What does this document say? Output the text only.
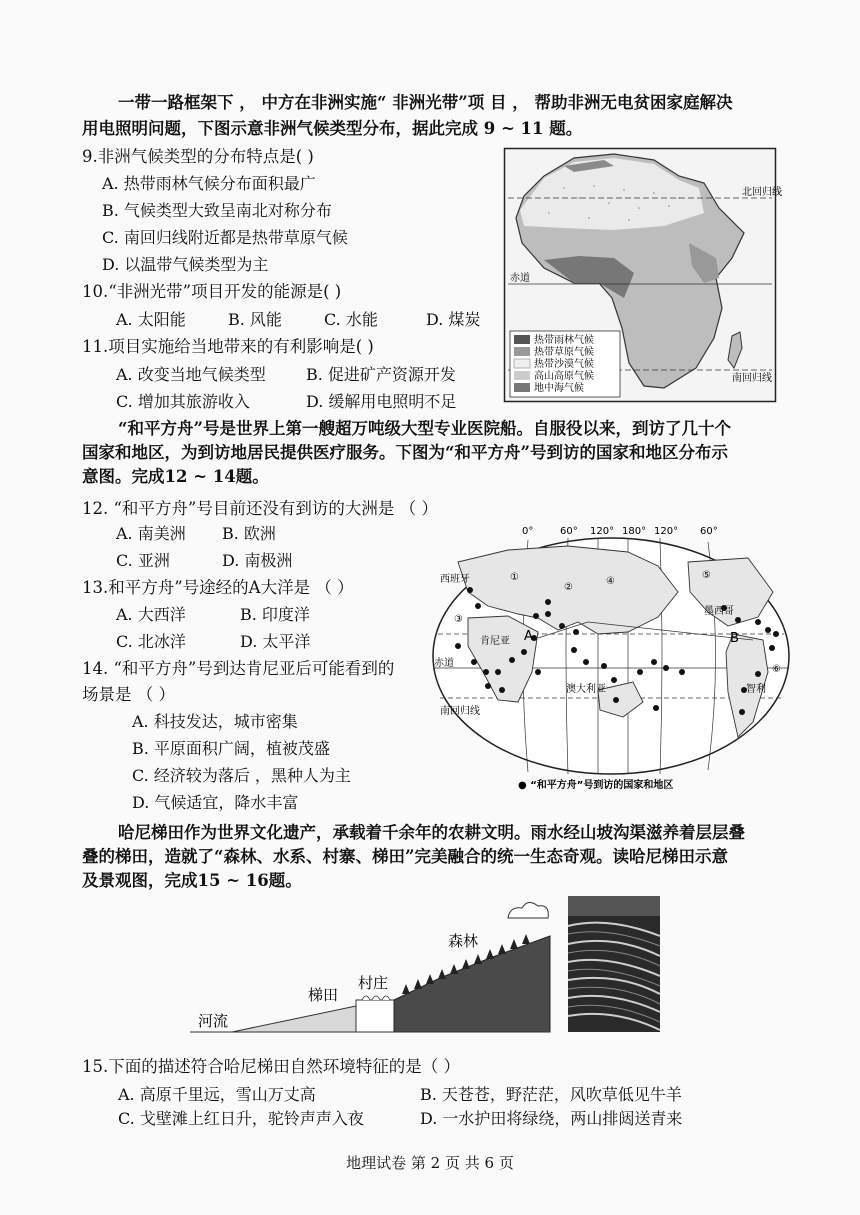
一带一路框架下 ， 中方在非洲实施“ 非洲光带”项 目 ， 帮助非洲无电贫困家庭解决
用电照明问题，下图示意非洲气候类型分布，据此完成 9 ~ 11 题。
9.非洲气候类型的分布特点是( )
A. 热带雨林气候分布面积最广
B. 气候类型大致呈南北对称分布
C. 南回归线附近都是热带草原气候
D. 以温带气候类型为主
10.“非洲光带”项目开发的能源是( )
A. 太阳能	B. 风能	C. 水能	D. 煤炭
11.项目实施给当地带来的有利影响是( )
A. 改变当地气候类型	B. 促进矿产资源开发
C. 增加其旅游收入	D. 缓解用电照明不足
北回归线
赤道
南回归线
热带雨林气候
热带草原气候
热带沙漠气候
高山高原气候
地中海气候
“和平方舟”号是世界上第一艘超万吨级大型专业医院船。自服役以来，到访了几十个
国家和地区，为到访地居民提供医疗服务。下图为“和平方舟”号到访的国家和地区分布示
意图。完成12 ~ 14题。
12. “和平方舟”号目前还没有到访的大洲是 （ ）
A. 南美洲 B. 欧洲
C. 亚洲	D. 南极洲
13.和平方舟”号途经的A大洋是 （ ）
A. 大西洋	B. 印度洋
C. 北冰洋	D. 太平洋
14. “和平方舟”号到达肯尼亚后可能看到的
场景是 （ ）
A. 科技发达，城市密集
B. 平原面积广阔，植被茂盛
C. 经济较为落后 ，黑种人为主
D. 气候适宜，降水丰富
0°	60° 120° 180° 120° 60°
西班牙
肯尼亚
澳大利亚
墨西哥
智利
赤道
南回归线
①
②
③
④
⑤
⑥
A	B
● “和平方舟”号到访的国家和地区
哈尼梯田作为世界文化遗产，承载着千余年的农耕文明。雨水经山坡沟渠滋养着层层叠
叠的梯田，造就了“森林、水系、村寨、梯田”完美融合的统一生态奇观。读哈尼梯田示意
及景观图，完成15 ~ 16题。
河流
梯田
村庄
森林
15.下面的描述符合哈尼梯田自然环境特征的是（ ）
A. 高原千里远，雪山万丈高	B. 天苍苍，野茫茫，风吹草低见牛羊
C. 戈壁滩上红日升，驼铃声声入夜	D. 一水护田将绿绕，两山排闼送青来
地理试卷 第 2 页 共 6 页
